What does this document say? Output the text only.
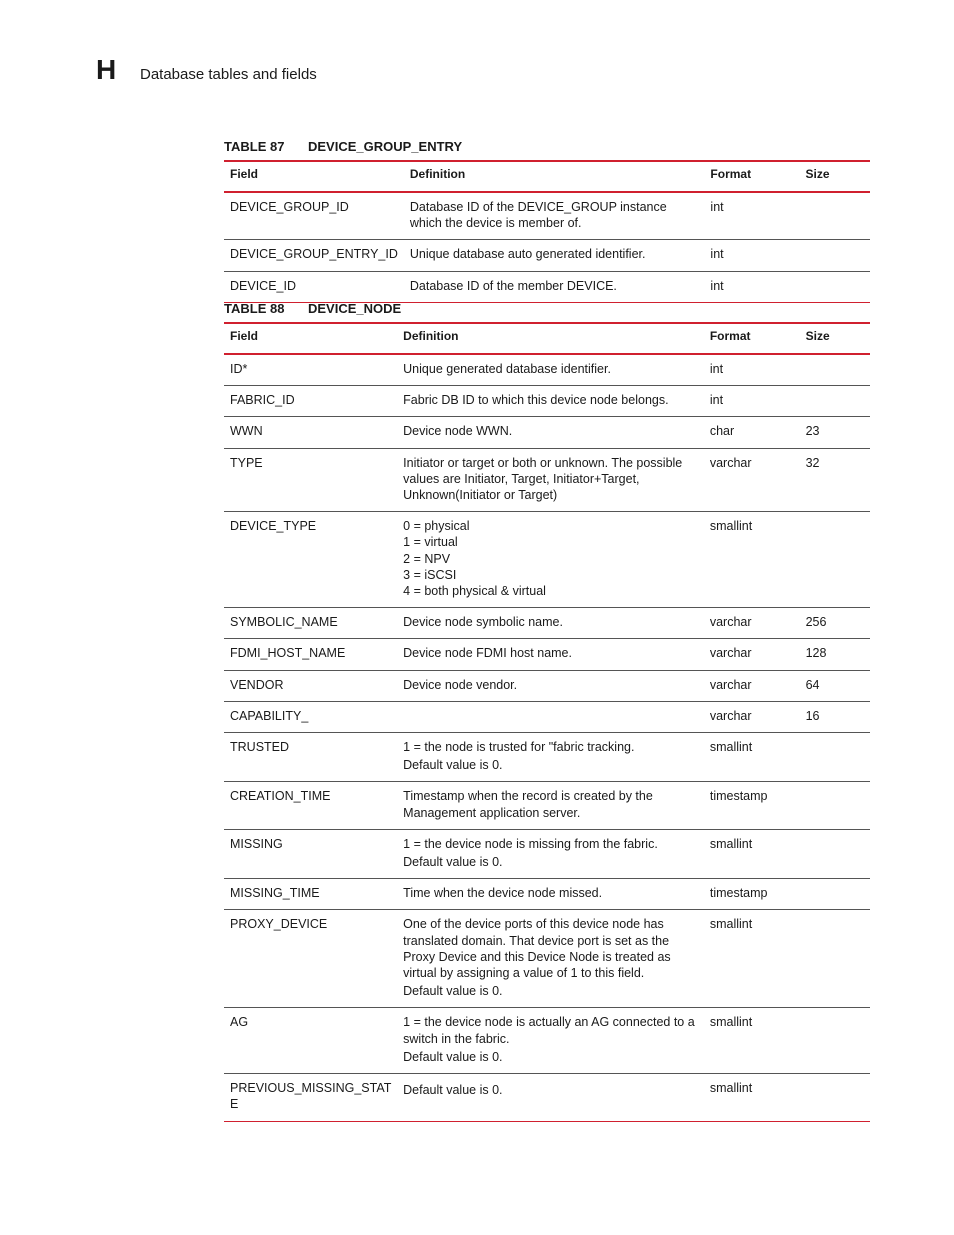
H Database tables and fields
TABLE 87 DEVICE_GROUP_ENTRY
Field	Definition	Format	Size
DEVICE_GROUP_ID	Database ID of the DEVICE_GROUP instance which the device is member of.	int	
DEVICE_GROUP_ENTRY_ID	Unique database auto generated identifier.	int	
DEVICE_ID	Database ID of the member DEVICE.	int	
TABLE 88 DEVICE_NODE
Field	Definition	Format	Size
ID*	Unique generated database identifier.	int	
FABRIC_ID	Fabric DB ID to which this device node belongs.	int	
WWN	Device node WWN.	char	23
TYPE	Initiator or target or both or unknown. The possible values are Initiator, Target, Initiator+Target, Unknown(Initiator or Target)	varchar	32
DEVICE_TYPE	0 = physical
1 = virtual
2 = NPV
3 = iSCSI
4 = both physical & virtual	smallint	
SYMBOLIC_NAME	Device node symbolic name.	varchar	256
FDMI_HOST_NAME	Device node FDMI host name.	varchar	128
VENDOR	Device node vendor.	varchar	64
CAPABILITY_		varchar	16
TRUSTED	1 = the node is trusted for "fabric tracking.
Default value is 0.	smallint	
CREATION_TIME	Timestamp when the record is created by the Management application server.	timestamp	
MISSING	1 = the device node is missing from the fabric.
Default value is 0.	smallint	
MISSING_TIME	Time when the device node missed.	timestamp	
PROXY_DEVICE	One of the device ports of this device node has translated domain. That device port is set as the Proxy Device and this Device Node is treated as virtual by assigning a value of 1 to this field.
Default value is 0.	smallint	
AG	1 = the device node is actually an AG connected to a switch in the fabric.
Default value is 0.	smallint	
PREVIOUS_MISSING_STAT E	Default value is 0.	smallint	
